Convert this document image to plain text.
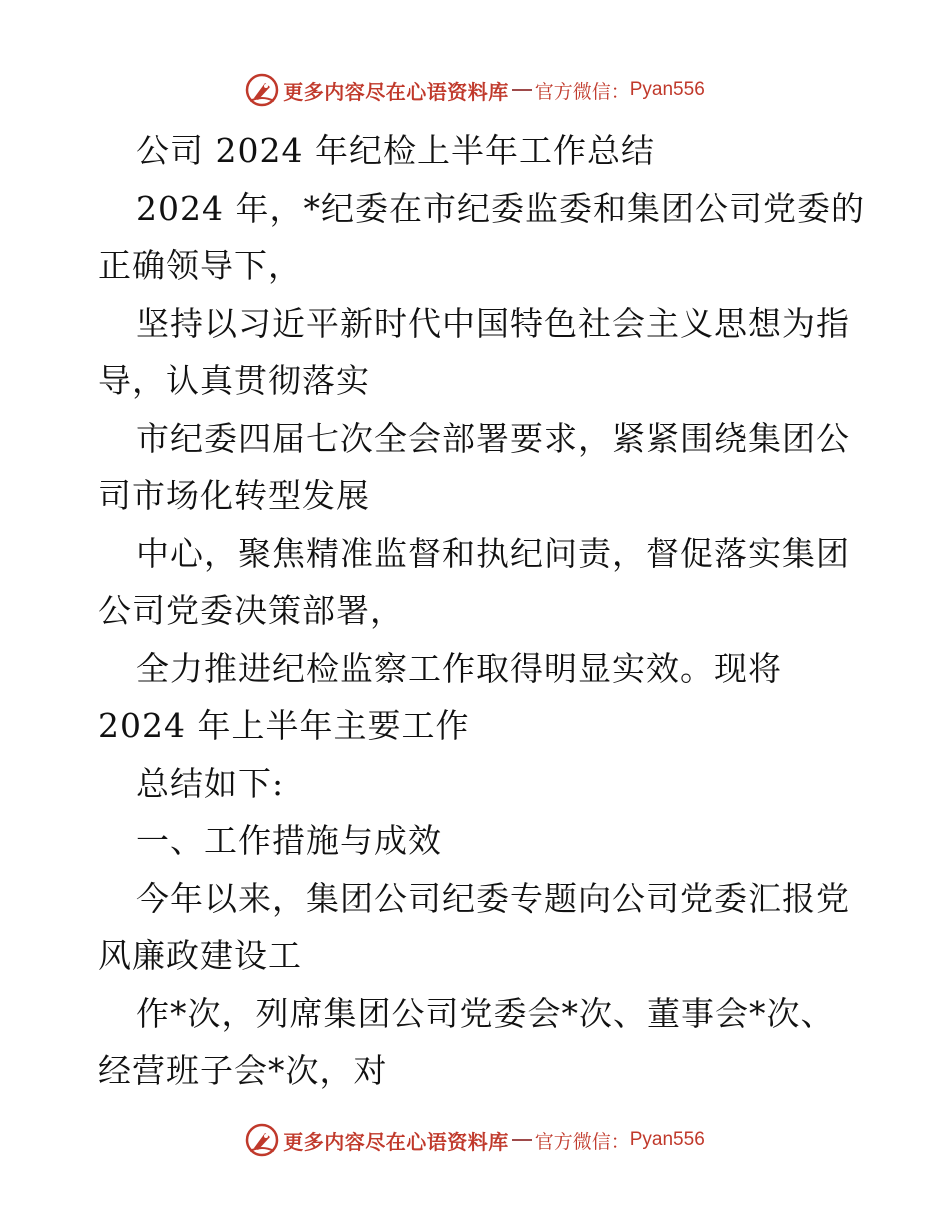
更多内容尽在心语资料库 官方微信： Pyan556
公司 2024 年纪检上半年工作总结
2024 年，*纪委在市纪委监委和集团公司党委的
正确领导下，
坚持以习近平新时代中国特色社会主义思想为指
导，认真贯彻落实
市纪委四届七次全会部署要求，紧紧围绕集团公
司市场化转型发展
中心，聚焦精准监督和执纪问责，督促落实集团
公司党委决策部署，
全力推进纪检监察工作取得明显实效。现将
2024 年上半年主要工作
总结如下:
一、工作措施与成效
今年以来，集团公司纪委专题向公司党委汇报党
风廉政建设工
作*次，列席集团公司党委会*次、董事会*次、
经营班子会*次，对
更多内容尽在心语资料库 官方微信： Pyan556
